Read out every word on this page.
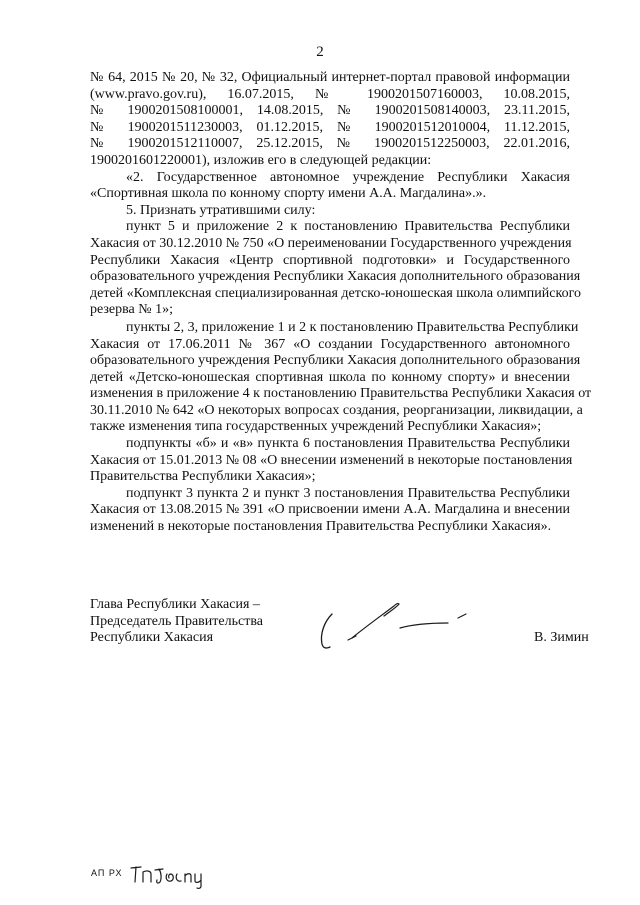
2
№ 64, 2015 № 20, № 32, Официальный интернет-портал правовой информации
(www.pravo.gov.ru), 16.07.2015, № 1900201507160003, 10.08.2015,
№ 1900201508100001, 14.08.2015, № 1900201508140003, 23.11.2015,
№ 1900201511230003, 01.12.2015, № 1900201512010004, 11.12.2015,
№ 1900201512110007, 25.12.2015, № 1900201512250003, 22.01.2016,
1900201601220001), изложив его в следующей редакции:
«2. Государственное автономное учреждение Республики Хакасия
«Спортивная школа по конному спорту имени А.А. Магдалина».».
5. Признать утратившими силу:
пункт 5 и приложение 2 к постановлению Правительства Республики
Хакасия от 30.12.2010 № 750 «О переименовании Государственного учреждения
Республики Хакасия «Центр спортивной подготовки» и Государственного
образовательного учреждения Республики Хакасия дополнительного образования
детей «Комплексная специализированная детско-юношеская школа олимпийского
резерва № 1»;
пункты 2, 3, приложение 1 и 2 к постановлению Правительства Республики
Хакасия от 17.06.2011 № 367 «О создании Государственного автономного
образовательного учреждения Республики Хакасия дополнительного образования
детей «Детско-юношеская спортивная школа по конному спорту» и внесении
изменения в приложение 4 к постановлению Правительства Республики Хакасия от
30.11.2010 № 642 «О некоторых вопросах создания, реорганизации, ликвидации, а
также изменения типа государственных учреждений Республики Хакасия»;
подпункты «б» и «в» пункта 6 постановления Правительства Республики
Хакасия от 15.01.2013 № 08 «О внесении изменений в некоторые постановления
Правительства Республики Хакасия»;
подпункт 3 пункта 2 и пункт 3 постановления Правительства Республики
Хакасия от 13.08.2015 № 391 «О присвоении имени А.А. Магдалина и внесении
изменений в некоторые постановления Правительства Республики Хакасия».
Глава Республики Хакасия –
Председатель Правительства
Республики Хакасия	В. Зимин
АП РХ
